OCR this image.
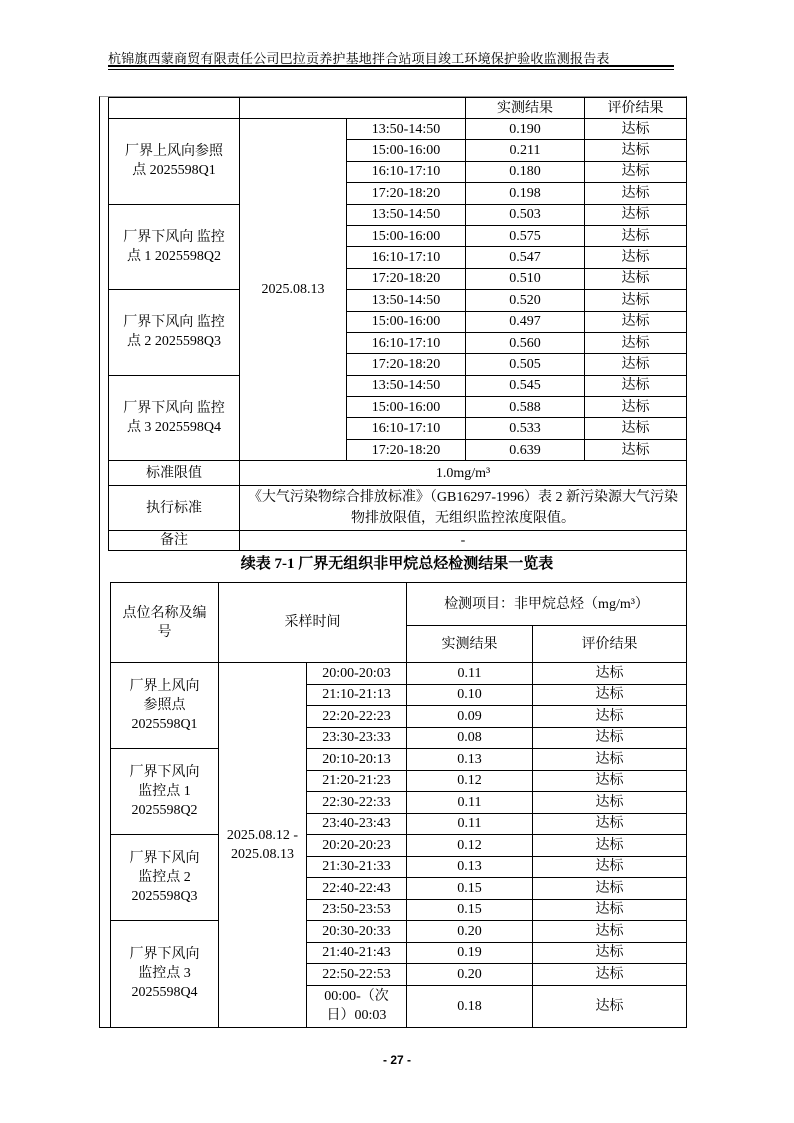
杭锦旗西蒙商贸有限责任公司巴拉贡养护基地拌合站项目竣工环境保护验收监测报告表
			实测结果	评价结果
厂界上风向参照点 2025598Q1	2025.08.13	13:50-14:50	0.190	达标
		15:00-16:00	0.211	达标
		16:10-17:10	0.180	达标
		17:20-18:20	0.198	达标
厂界下风向 监控点 1 2025598Q2		13:50-14:50	0.503	达标
		15:00-16:00	0.575	达标
		16:10-17:10	0.547	达标
		17:20-18:20	0.510	达标
厂界下风向 监控点 2 2025598Q3		13:50-14:50	0.520	达标
		15:00-16:00	0.497	达标
		16:10-17:10	0.560	达标
		17:20-18:20	0.505	达标
厂界下风向 监控点 3 2025598Q4		13:50-14:50	0.545	达标
		15:00-16:00	0.588	达标
		16:10-17:10	0.533	达标
		17:20-18:20	0.639	达标
标准限值	1.0mg/m³			
执行标准	《大气污染物综合排放标准》（GB16297-1996）表 2 新污染源大气污染物排放限值，无组织监控浓度限值。			
备注	-			
续表 7-1 厂界无组织非甲烷总烃检测结果一览表
点位名称及编号	采样时间		检测项目：非甲烷总烃（mg/m³）	
			实测结果	评价结果
厂界上风向 参照点 2025598Q1	2025.08.12 - 2025.08.13	20:00-20:03	0.11	达标
		21:10-21:13	0.10	达标
		22:20-22:23	0.09	达标
		23:30-23:33	0.08	达标
厂界下风向 监控点 1 2025598Q2		20:10-20:13	0.13	达标
		21:20-21:23	0.12	达标
		22:30-22:33	0.11	达标
		23:40-23:43	0.11	达标
厂界下风向 监控点 2 2025598Q3		20:20-20:23	0.12	达标
		21:30-21:33	0.13	达标
		22:40-22:43	0.15	达标
		23:50-23:53	0.15	达标
厂界下风向 监控点 3 2025598Q4		20:30-20:33	0.20	达标
		21:40-21:43	0.19	达标
		22:50-22:53	0.20	达标
		00:00-（次日）00:03	0.18	达标
- 27 -
